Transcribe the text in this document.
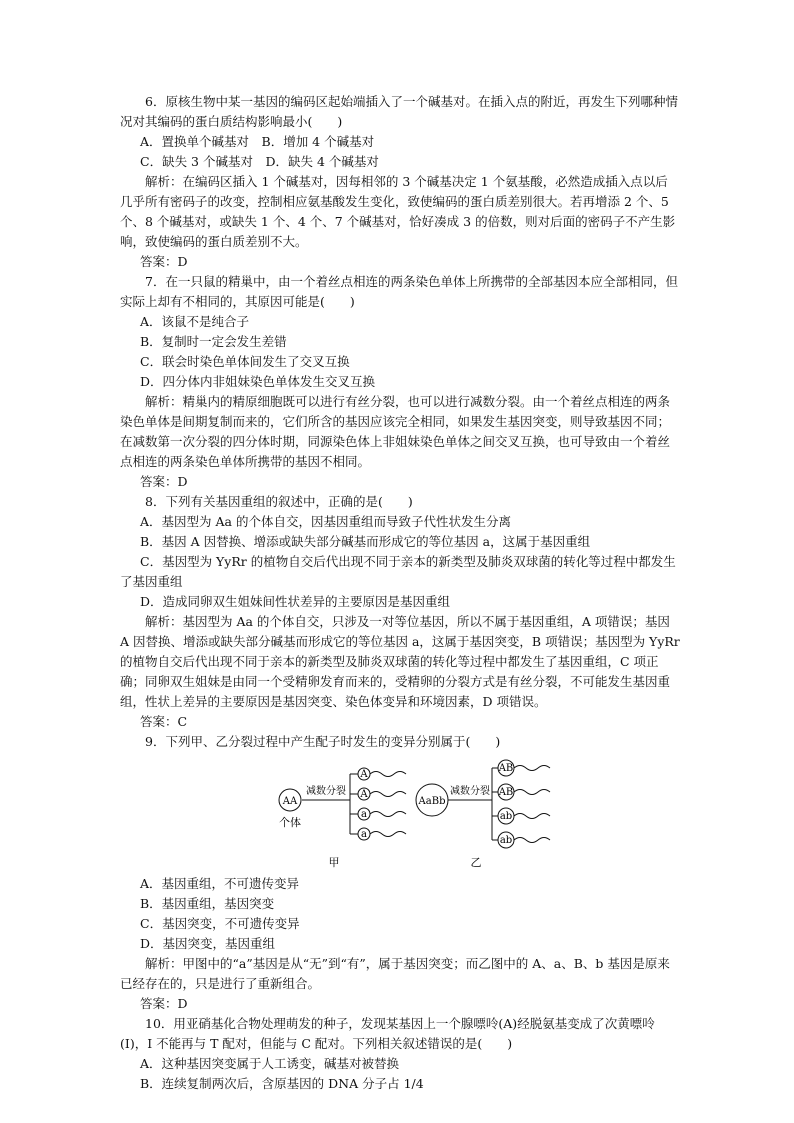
6．原核生物中某一基因的编码区起始端插入了一个碱基对。在插入点的附近，再发生下列哪种情况对其编码的蛋白质结构影响最小(　　)

A．置换单个碱基对　B．增加 4 个碱基对

C．缺失 3 个碱基对　D．缺失 4 个碱基对

解析：在编码区插入 1 个碱基对，因每相邻的 3 个碱基决定 1 个氨基酸，必然造成插入点以后几乎所有密码子的改变，控制相应氨基酸发生变化，致使编码的蛋白质差别很大。若再增添 2 个、5 个、8 个碱基对，或缺失 1 个、4 个、7 个碱基对，恰好凑成 3 的倍数，则对后面的密码子不产生影响，致使编码的蛋白质差别不大。

答案：D

7．在一只鼠的精巢中，由一个着丝点相连的两条染色单体上所携带的全部基因本应全部相同，但实际上却有不相同的，其原因可能是(　　)

A．该鼠不是纯合子

B．复制时一定会发生差错

C．联会时染色单体间发生了交叉互换

D．四分体内非姐妹染色单体发生交叉互换

解析：精巢内的精原细胞既可以进行有丝分裂，也可以进行减数分裂。由一个着丝点相连的两条染色单体是间期复制而来的，它们所含的基因应该完全相同，如果发生基因突变，则导致基因不同；在减数第一次分裂的四分体时期，同源染色体上非姐妹染色单体之间交叉互换，也可导致由一个着丝点相连的两条染色单体所携带的基因不相同。

答案：D

8．下列有关基因重组的叙述中，正确的是(　　)

A．基因型为 Aa 的个体自交，因基因重组而导致子代性状发生分离

B．基因 A 因替换、增添或缺失部分碱基而形成它的等位基因 a，这属于基因重组

C．基因型为 YyRr 的植物自交后代出现不同于亲本的新类型及肺炎双球菌的转化等过程中都发生了基因重组

D．造成同卵双生姐妹间性状差异的主要原因是基因重组

解析：基因型为 Aa 的个体自交，只涉及一对等位基因，所以不属于基因重组，A 项错误；基因 A 因替换、增添或缺失部分碱基而形成它的等位基因 a，这属于基因突变，B 项错误；基因型为 YyRr 的植物自交后代出现不同于亲本的新类型及肺炎双球菌的转化等过程中都发生了基因重组，C 项正确；同卵双生姐妹是由同一个受精卵发育而来的，受精卵的分裂方式是有丝分裂，不可能发生基因重组，性状上差异的主要原因是基因突变、染色体变异和环境因素，D 项错误。

答案：C

9．下列甲、乙分裂过程中产生配子时发生的变异分别属于(　　)

AA
个体
减数分裂
A
A
a
a
甲
AaBb
减数分裂
AB
AB
ab
ab
乙

A．基因重组，不可遗传变异

B．基因重组，基因突变

C．基因突变，不可遗传变异

D．基因突变，基因重组

解析：甲图中的“a”基因是从“无”到“有”，属于基因突变；而乙图中的 A、a、B、b 基因是原来已经存在的，只是进行了重新组合。

答案：D

10．用亚硝基化合物处理萌发的种子，发现某基因上一个腺嘌呤(A)经脱氨基变成了次黄嘌呤(I)，I 不能再与 T 配对，但能与 C 配对。下列相关叙述错误的是(　　)

A．这种基因突变属于人工诱变，碱基对被替换

B．连续复制两次后，含原基因的 DNA 分子占 1/4
